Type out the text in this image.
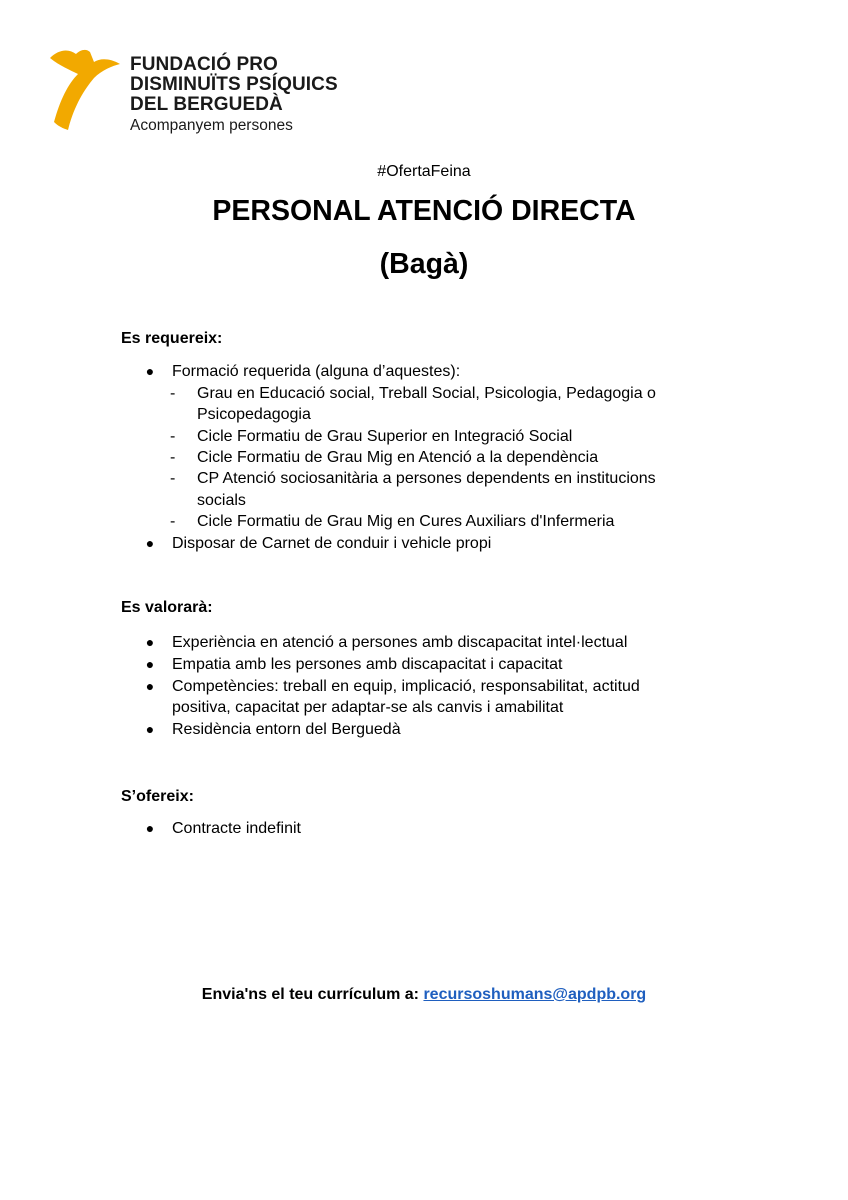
FUNDACIÓ PRO
DISMINUÏTS PSÍQUICS
DEL BERGUEDÀ
Acompanyem persones
#OfertaFeina
PERSONAL ATENCIÓ DIRECTA
(Bagà)
Es requereix:
● Formació requerida (alguna d’aquestes):
- Grau en Educació social, Treball Social, Psicologia, Pedagogia o
Psicopedagogia
- Cicle Formatiu de Grau Superior en Integració Social
- Cicle Formatiu de Grau Mig en Atenció a la dependència
- CP Atenció sociosanitària a persones dependents en institucions
socials
- Cicle Formatiu de Grau Mig en Cures Auxiliars d'Infermeria
● Disposar de Carnet de conduir i vehicle propi
Es valorarà:
● Experiència en atenció a persones amb discapacitat intel·lectual
● Empatia amb les persones amb discapacitat i capacitat
● Competències: treball en equip, implicació, responsabilitat, actitud
positiva, capacitat per adaptar-se als canvis i amabilitat
● Residència entorn del Berguedà
S’ofereix:
● Contracte indefinit
Envia'ns el teu currículum a: recursoshumans@apdpb.org
